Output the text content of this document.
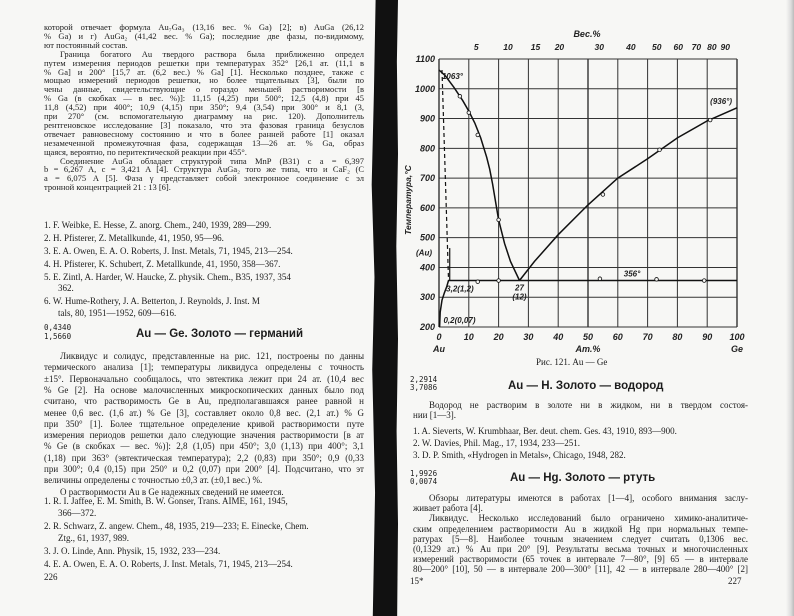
которой отвечает формула Au₇Ga₃ (13,16 вес. % Ga) [2]; в) AuGa (26,12
% Ga) и г) AuGa₂ (41,42 вес. % Ga); последние две фазы, по-видимому,
ют постоянный состав.
Граница богатого Au твердого раствора была приближенно определ
путем измерения периодов решетки при температурах 352° [26,1 ат. (11,1 в
% Ga] и 200° [15,7 ат. (6,2 вес.) % Ga] [1]. Несколько позднее, также с
мощью измерений периодов решетки, но более тщательных [3], были по
чены данные, свидетельствующие о гораздо меньшей растворимости [в
% Ga (в скобках — в вес. %)]: 11,15 (4,25) при 500°; 12,5 (4,8) при 45
11,8 (4,52) при 400°; 10,9 (4,15) при 350°; 9,4 (3,54) при 300° и 8,1 (3,
при 270° (см. вспомогательную диаграмму на рис. 120). Дополнитель
рентгеновское исследование [3] показало, что эта фазовая граница безуслов
отвечает равновесному состоянию и что в более ранней работе [1] оказал
незамеченной промежуточная фаза, содержащая 13—26 ат. % Ga, образ
щаяся, вероятно, по перитектической реакции при 455°.
Соединение AuGa обладает структурой типа MnP (B31) с a = 6,397
b = 6,267 A, c = 3,421 A [4]. Структура AuGa₂ того же типа, что и CaF₂ (C
a = 6,075 A [5]. Фаза γ представляет собой электронное соединение с эл
тронной концентрацией 21 : 13 [6].
1. F. Weibke, E. Hesse, Z. anorg. Chem., 240, 1939, 289—299.
2. H. Pfisterer, Z. Metallkunde, 41, 1950, 95—96.
3. E. A. Owen, E. A. O. Roberts, J. Inst. Metals, 71, 1945, 213—254.
4. H. Pfisterer, K. Schubert, Z. Metallkunde, 41, 1950, 358—367.
5. E. Zintl, A. Harder, W. Haucke, Z. physik. Chem., B35, 1937, 354
362.
6. W. Hume-Rothery, J. A. Betterton, J. Reynolds, J. Inst. M
tals, 80, 1951—1952, 609—616.
0,4340
1,5660	Au — Ge. Золото — германий
Ликвидус и солидус, представленные на рис. 121, построены по данны
термического анализа [1]; температуры ликвидуса определены с точность
±15°. Первоначально сообщалось, что эвтектика лежит при 24 ат. (10,4 вес
% Ge [2]. На основе малочисленных микроскопических данных было под
считано, что растворимость Ge в Au, предполагавшаяся ранее равной н
менее 0,6 вес. (1,6 ат.) % Ge [3], составляет около 0,8 вес. (2,1 ат.) % G
при 350° [1]. Более тщательное определение кривой растворимости путе
измерения периодов решетки дало следующие значения растворимости [в ат
% Ge (в скобках — вес. %)]: 2,8 (1,05) при 450°; 3,0 (1,13) при 400°; 3,1
(1,18) при 363° (эвтектическая температура); 2,2 (0,83) при 350°; 0,9 (0,33
при 300°; 0,4 (0,15) при 250° и 0,2 (0,07) при 200° [4]. Подсчитано, что эт
величины определены с точностью ±0,3 ат. (±0,1 вес.) %.
О растворимости Au в Ge надежных сведений не имеется.
1. R. I. Jaffee, E. M. Smith, B. W. Gonser, Trans. AIME, 161, 1945,
366—372.
2. R. Schwarz, Z. angew. Chem., 48, 1935, 219—233; E. Einecke, Chem.
Ztg., 61, 1937, 989.
3. J. O. Linde, Ann. Physik, 15, 1932, 233—234.
4. E. A. Owen, E. A. O. Roberts, J. Inst. Metals, 71, 1945, 213—254.
226
2,2914
3,7086	Au — H. Золото — водород
Водород не растворим в золоте ни в жидком, ни в твердом состоя-
нии [1—3].
1. A. Sieverts, W. Krumbhaar, Ber. deut. chem. Ges. 43, 1910, 893—900.
2. W. Davies, Phil. Mag., 17, 1934, 233—251.
3. D. P. Smith, «Hydrogen in Metals», Chicago, 1948, 282.
1,9926
0,0074	Au — Hg. Золото — ртуть
Обзоры литературы имеются в работах [1—4], особого внимания заслу-
живает работа [4].
Ликвидус. Несколько исследований было ограничено химико-аналитиче-
ским определением растворимости Au в жидкой Hg при нормальных темпе-
ратурах [5—8]. Наиболее точным значением следует считать 0,1306 вес.
(0,1329 ат.) % Au при 20° [9]. Результаты весьма точных и многочисленных
измерений растворимости (65 точек в интервале 7—80°, [9] 65 — в интервале
80—200° [10], 50 — в интервале 200—300° [11], 42 — в интервале 280—400° [2]
15*	227
0 10 20 30 40 50 60 70 80 90 100
200
300
400
500
600
700
800
900
1000
1100
5	10 15 20	30	40 50 60 70 80 90
Вес.%
Ат.%
Au	Ge
Температура,°C
1063°
(936°)
356°
27
(12)
3,2(1,2)
0,2(0,07)
(Au)
Рис. 121. Au — Ge
